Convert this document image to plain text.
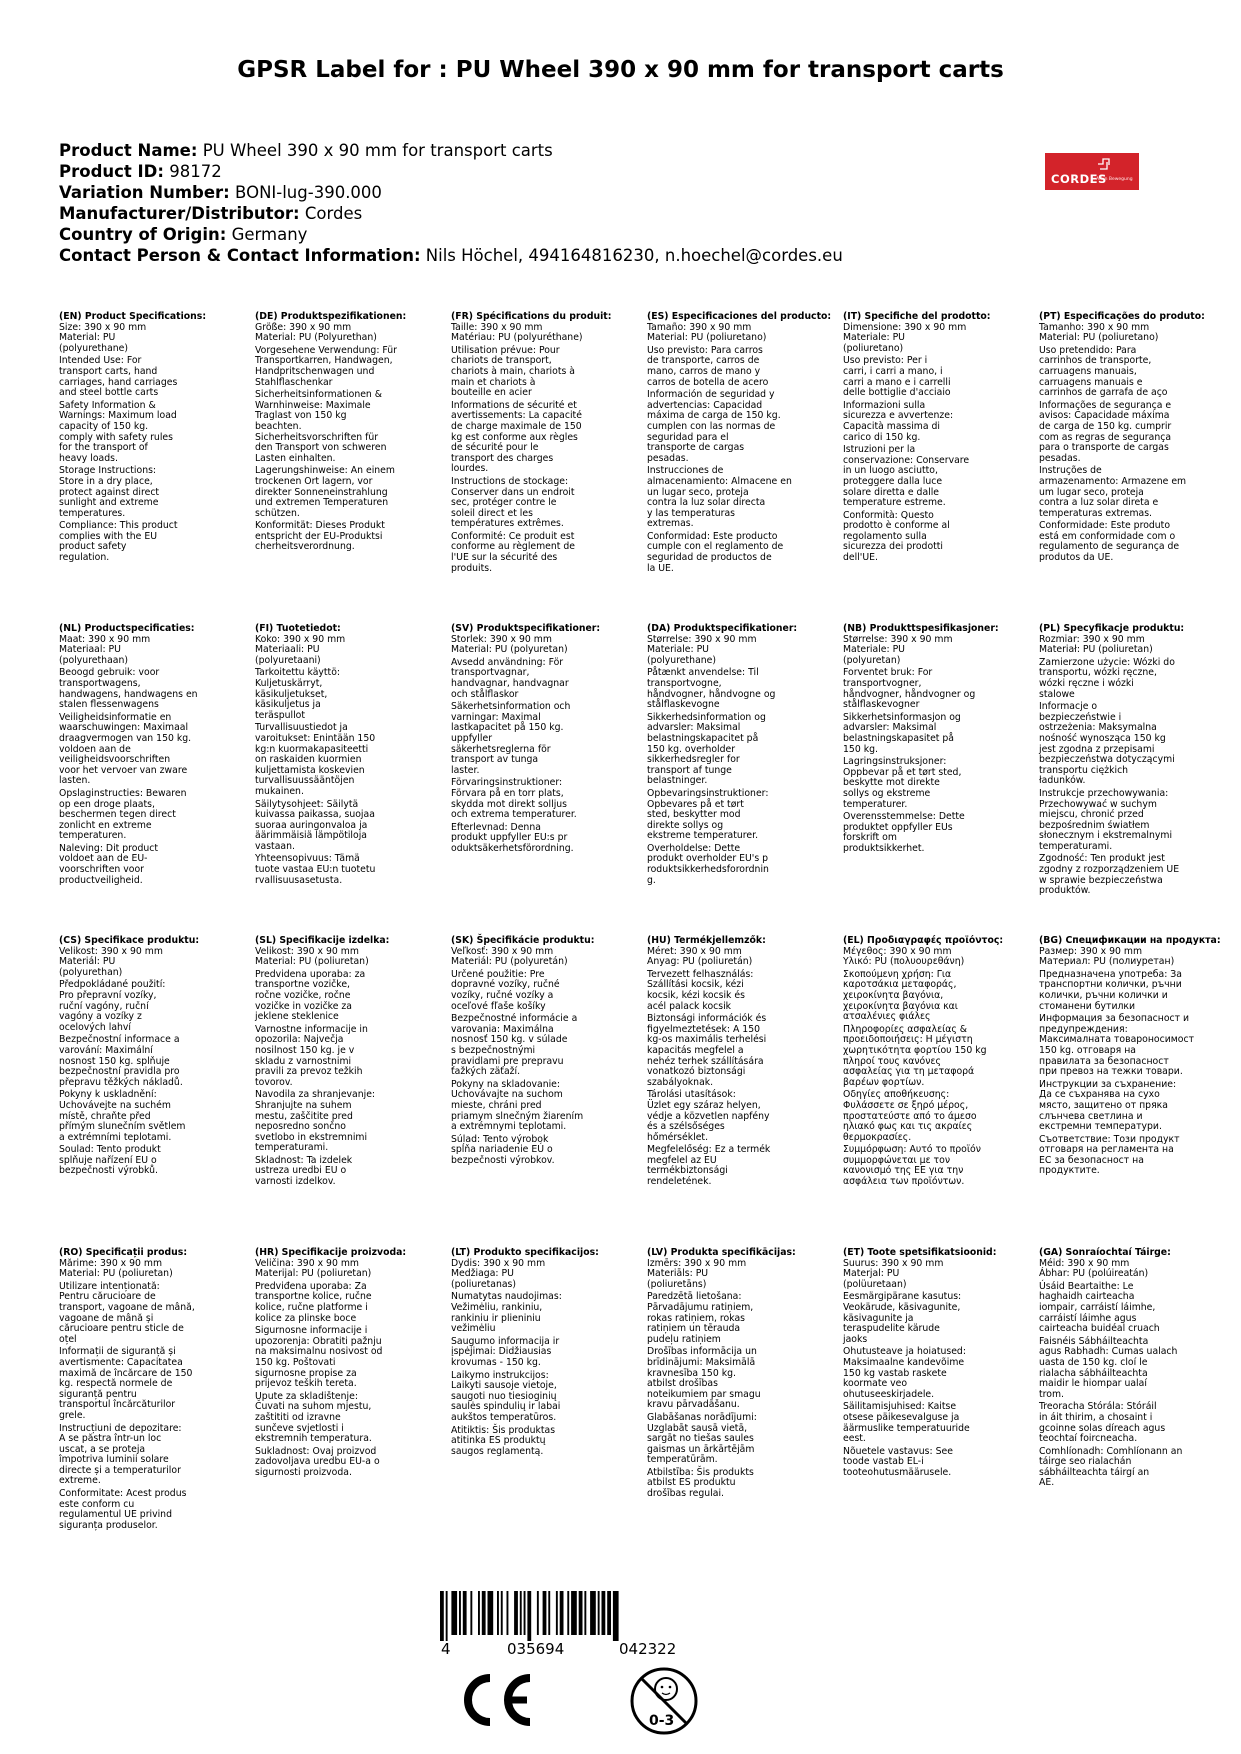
GPSR Label for : PU Wheel 390 x 90 mm for transport carts
Product Name: PU Wheel 390 x 90 mm for transport carts
Product ID: 98172
Variation Number: BONI-lug-390.000
Manufacturer/Distributor: Cordes
Country of Origin: Germany
Contact Person & Contact Information: Nils Höchel, 494164816230, n.hoechel@cordes.eu
CORDES
Alf in Bewegung
(EN) Product Specifications:
Size: 390 x 90 mm
Material: PU
(polyurethane)
Intended Use: For
transport carts, hand
carriages, hand carriages
and steel bottle carts
Safety Information &
Warnings: Maximum load
capacity of 150 kg.
comply with safety rules
for the transport of
heavy loads.
Storage Instructions:
Store in a dry place,
protect against direct
sunlight and extreme
temperatures.
Compliance: This product
complies with the EU
product safety
regulation.
(DE) Produktspezifikationen:
Größe: 390 x 90 mm
Material: PU (Polyurethan)
Vorgesehene Verwendung: Für
Transportkarren, Handwagen,
Handpritschenwagen und
Stahlflaschenkar
Sicherheitsinformationen &
Warnhinweise: Maximale
Traglast von 150 kg
beachten.
Sicherheitsvorschriften für
den Transport von schweren
Lasten einhalten.
Lagerungshinweise: An einem
trockenen Ort lagern, vor
direkter Sonneneinstrahlung
und extremen Temperaturen
schützen.
Konformität: Dieses Produkt
entspricht der EU-Produktsi
cherheitsverordnung.
(FR) Spécifications du produit:
Taille: 390 x 90 mm
Matériau: PU (polyuréthane)
Utilisation prévue: Pour
chariots de transport,
chariots à main, chariots à
main et chariots à
bouteille en acier
Informations de sécurité et
avertissements: La capacité
de charge maximale de 150
kg est conforme aux règles
de sécurité pour le
transport des charges
lourdes.
Instructions de stockage:
Conserver dans un endroit
sec, protéger contre le
soleil direct et les
températures extrêmes.
Conformité: Ce produit est
conforme au règlement de
l'UE sur la sécurité des
produits.
(ES) Especificaciones del producto:
Tamaño: 390 x 90 mm
Material: PU (poliuretano)
Uso previsto: Para carros
de transporte, carros de
mano, carros de mano y
carros de botella de acero
Información de seguridad y
advertencias: Capacidad
máxima de carga de 150 kg.
cumplen con las normas de
seguridad para el
transporte de cargas
pesadas.
Instrucciones de
almacenamiento: Almacene en
un lugar seco, proteja
contra la luz solar directa
y las temperaturas
extremas.
Conformidad: Este producto
cumple con el reglamento de
seguridad de productos de
la UE.
(IT) Specifiche del prodotto:
Dimensione: 390 x 90 mm
Materiale: PU
(poliuretano)
Uso previsto: Per i
carri, i carri a mano, i
carri a mano e i carrelli
delle bottiglie d'acciaio
Informazioni sulla
sicurezza e avvertenze:
Capacità massima di
carico di 150 kg.
Istruzioni per la
conservazione: Conservare
in un luogo asciutto,
proteggere dalla luce
solare diretta e dalle
temperature estreme.
Conformità: Questo
prodotto è conforme al
regolamento sulla
sicurezza dei prodotti
dell'UE.
(PT) Especificações do produto:
Tamanho: 390 x 90 mm
Material: PU (poliuretano)
Uso pretendido: Para
carrinhos de transporte,
carruagens manuais,
carruagens manuais e
carrinhos de garrafa de aço
Informações de segurança e
avisos: Capacidade máxima
de carga de 150 kg. cumprir
com as regras de segurança
para o transporte de cargas
pesadas.
Instruções de
armazenamento: Armazene em
um lugar seco, proteja
contra a luz solar direta e
temperaturas extremas.
Conformidade: Este produto
está em conformidade com o
regulamento de segurança de
produtos da UE.
(NL) Productspecificaties:
Maat: 390 x 90 mm
Materiaal: PU
(polyurethaan)
Beoogd gebruik: voor
transportwagens,
handwagens, handwagens en
stalen flessenwagens
Veiligheidsinformatie en
waarschuwingen: Maximaal
draagvermogen van 150 kg.
voldoen aan de
veiligheidsvoorschriften
voor het vervoer van zware
lasten.
Opslaginstructies: Bewaren
op een droge plaats,
beschermen tegen direct
zonlicht en extreme
temperaturen.
Naleving: Dit product
voldoet aan de EU-
voorschriften voor
productveiligheid.
(FI) Tuotetiedot:
Koko: 390 x 90 mm
Materiaali: PU
(polyuretaani)
Tarkoitettu käyttö:
Kuljetuskärryt,
käsikuljetukset,
käsikuljetus ja
teräspullot
Turvallisuustiedot ja
varoitukset: Enintään 150
kg:n kuormakapasiteetti
on raskaiden kuormien
kuljettamista koskevien
turvallisuussääntöjen
mukainen.
Säilytysohjeet: Säilytä
kuivassa paikassa, suojaa
suoraa auringonvaloa ja
äärimmäisiä lämpötiloja
vastaan.
Yhteensopivuus: Tämä
tuote vastaa EU:n tuotetu
rvallisuusasetusta.
(SV) Produktspecifikationer:
Storlek: 390 x 90 mm
Material: PU (polyuretan)
Avsedd användning: För
transportvagnar,
handvagnar, handvagnar
och stålflaskor
Säkerhetsinformation och
varningar: Maximal
lastkapacitet på 150 kg.
uppfyller
säkerhetsreglerna för
transport av tunga
laster.
Förvaringsinstruktioner:
Förvara på en torr plats,
skydda mot direkt solljus
och extrema temperaturer.
Efterlevnad: Denna
produkt uppfyller EU:s pr
oduktsäkerhetsförordning.
(DA) Produktspecifikationer:
Størrelse: 390 x 90 mm
Materiale: PU
(polyurethane)
Påtænkt anvendelse: Til
transportvogne,
håndvogner, håndvogne og
stålflaskevogne
Sikkerhedsinformation og
advarsler: Maksimal
belastningskapacitet på
150 kg. overholder
sikkerhedsregler for
transport af tunge
belastninger.
Opbevaringsinstruktioner:
Opbevares på et tørt
sted, beskytter mod
direkte sollys og
ekstreme temperaturer.
Overholdelse: Dette
produkt overholder EU's p
roduktsikkerhedsforordnin
g.
(NB) Produkttspesifikasjoner:
Størrelse: 390 x 90 mm
Materiale: PU
(polyuretan)
Forventet bruk: For
transportvogner,
håndvogner, håndvogner og
stålflaskevogner
Sikkerhetsinformasjon og
advarsler: Maksimal
belastningskapasitet på
150 kg.
Lagringsinstruksjoner:
Oppbevar på et tørt sted,
beskytte mot direkte
sollys og ekstreme
temperaturer.
Overensstemmelse: Dette
produktet oppfyller EUs
forskrift om
produktsikkerhet.
(PL) Specyfikacje produktu:
Rozmiar: 390 x 90 mm
Materiał: PU (poliuretan)
Zamierzone użycie: Wózki do
transportu, wózki ręczne,
wózki ręczne i wózki
stalowe
Informacje o
bezpieczeństwie i
ostrzeżenia: Maksymalna
nośność wynosząca 150 kg
jest zgodna z przepisami
bezpieczeństwa dotyczącymi
transportu ciężkich
ładunków.
Instrukcje przechowywania:
Przechowywać w suchym
miejscu, chronić przed
bezpośrednim światłem
słonecznym i ekstremalnymi
temperaturami.
Zgodność: Ten produkt jest
zgodny z rozporządzeniem UE
w sprawie bezpieczeństwa
produktów.
(CS) Specifikace produktu:
Velikost: 390 x 90 mm
Materiál: PU
(polyurethan)
Předpokládané použití:
Pro přepravní vozíky,
ruční vagóny, ruční
vagóny a vozíky z
ocelových lahví
Bezpečnostní informace a
varování: Maximální
nosnost 150 kg. splňuje
bezpečnostní pravidla pro
přepravu těžkých nákladů.
Pokyny k uskladnění:
Uchovávejte na suchém
místě, chraňte před
přímým slunečním světlem
a extrémními teplotami.
Soulad: Tento produkt
splňuje nařízení EU o
bezpečnosti výrobků.
(SL) Specifikacije izdelka:
Velikost: 390 x 90 mm
Material: PU (poliuretan)
Predvidena uporaba: za
transportne vozičke,
ročne vozičke, ročne
vozičke in vozičke za
jeklene steklenice
Varnostne informacije in
opozorila: Največja
nosilnost 150 kg. je v
skladu z varnostnimi
pravili za prevoz težkih
tovorov.
Navodila za shranjevanje:
Shranjujte na suhem
mestu, zaščitite pred
neposredno sončno
svetlobo in ekstremnimi
temperaturami.
Skladnost: Ta izdelek
ustreza uredbi EU o
varnosti izdelkov.
(SK) Špecifikácie produktu:
Veľkosť: 390 x 90 mm
Materiál: PU (polyuretán)
Určené použitie: Pre
dopravné vozíky, ručné
vozíky, ručné vozíky a
oceľové fľaše košíky
Bezpečnostné informácie a
varovania: Maximálna
nosnosť 150 kg. v súlade
s bezpečnostnými
pravidlami pre prepravu
ťažkých zäťaží.
Pokyny na skladovanie:
Uchovávajte na suchom
mieste, chráni pred
priamym slnečným žiarením
a extrémnymi teplotami.
Súlad: Tento výrobok
spĺňa nariadenie EÚ o
bezpečnosti výrobkov.
(HU) Termékjellemzők:
Méret: 390 x 90 mm
Anyag: PU (poliuretán)
Tervezett felhasználás:
Szállítási kocsik, kézi
kocsik, kézi kocsik és
acél palack kocsik
Biztonsági információk és
figyelmeztetések: A 150
kg-os maximális terhelési
kapacitás megfelel a
nehéz terhek szállítására
vonatkozó biztonsági
szabályoknak.
Tárolási utasítások:
Üzlet egy száraz helyen,
védje a közvetlen napfény
és a szélsőséges
hőmérséklet.
Megfelelőség: Ez a termék
megfelel az EU
termékbiztonsági
rendeletének.
(EL) Προδιαγραφές προϊόντος:
Μέγεθος: 390 x 90 mm
Υλικό: PU (πολυουρεθάνη)
Σκοπούμενη χρήση: Για
καροτσάκια μεταφοράς,
χειροκίνητα βαγόνια,
χειροκίνητα βαγόνια και
ατσαλένιες φιάλες
Πληροφορίες ασφαλείας &
προειδοποιήσεις: Η μέγιστη
χωρητικότητα φορτίου 150 kg
πληροί τους κανόνες
ασφαλείας για τη μεταφορά
βαρέων φορτίων.
Οδηγίες αποθήκευσης:
Φυλάσσετε σε ξηρό μέρος,
προστατεύστε από το άμεσο
ηλιακό φως και τις ακραίες
θερμοκρασίες.
Συμμόρφωση: Αυτό το προϊόν
συμμορφώνεται με τον
κανονισμό της ΕΕ για την
ασφάλεια των προϊόντων.
(BG) Спецификации на продукта:
Размер: 390 x 90 mm
Материал: PU (полиуретан)
Предназначена употреба: За
транспортни колички, ръчни
колички, ръчни колички и
стоманени бутилки
Информация за безопасност и
предупреждения:
Максималната товароносимост
150 kg. отговаря на
правилата за безопасност
при превоз на тежки товари.
Инструкции за съхранение:
Да се съхранява на сухо
място, защитено от пряка
слънчева светлина и
екстремни температури.
Съответствие: Този продукт
отговаря на регламента на
ЕС за безопасност на
продуктите.
(RO) Specificații produs:
Mărime: 390 x 90 mm
Material: PU (poliuretan)
Utilizare intenționată:
Pentru cărucioare de
transport, vagoane de mână,
vagoane de mână și
cărucioare pentru sticle de
oțel
Informații de siguranță și
avertismente: Capacitatea
maximă de încărcare de 150
kg. respectă normele de
siguranță pentru
transportul încărcăturilor
grele.
Instrucțiuni de depozitare:
A se păstra într-un loc
uscat, a se proteja
împotriva luminii solare
directe și a temperaturilor
extreme.
Conformitate: Acest produs
este conform cu
regulamentul UE privind
siguranța produselor.
(HR) Specifikacije proizvoda:
Veličina: 390 x 90 mm
Materijal: PU (poliuretan)
Predviđena uporaba: Za
transportne kolice, ručne
kolice, ručne platforme i
kolice za plinske boce
Sigurnosne informacije i
upozorenja: Obratiti pažnju
na maksimalnu nosivost od
150 kg. Poštovati
sigurnosne propise za
prijevoz teških tereta.
Upute za skladištenje:
Čuvati na suhom mjestu,
zaštititi od izravne
sunčeve svjetlosti i
ekstremnih temperatura.
Sukladnost: Ovaj proizvod
zadovoljava uredbu EU-a o
sigurnosti proizvoda.
(LT) Produkto specifikacijos:
Dydis: 390 x 90 mm
Medžiaga: PU
(poliuretanas)
Numatytas naudojimas:
Vežimėliu, rankiniu,
rankiniu ir plieniniu
vežimėliu
Saugumo informacija ir
įspėjimai: Didžiausias
krovumas - 150 kg.
Laikymo instrukcijos:
Laikyti sausoje vietoje,
saugoti nuo tiesioginių
saulės spindulių ir labai
aukštos temperatūros.
Atitiktis: Šis produktas
atitinka ES produktų
saugos reglamentą.
(LV) Produkta specifikācijas:
Izmērs: 390 x 90 mm
Materiāls: PU
(poliuretāns)
Paredzētā lietošana:
Pārvadājumu ratiņiem,
rokas ratiņiem, rokas
ratiņiem un tērauda
pudeļu ratiņiem
Drošības informācija un
brīdinājumi: Maksimālā
kravnesība 150 kg.
atbilst drošības
noteikumiem par smagu
kravu pārvadāšanu.
Glabāšanas norādījumi:
Uzglabāt sausā vietā,
sargāt no tiešas saules
gaismas un ārkārtējām
temperatūrām.
Atbilstība: Šis produkts
atbilst ES produktu
drošības regulai.
(ET) Toote spetsifikatsioonid:
Suurus: 390 x 90 mm
Materjal: PU
(polüuretaan)
Eesmärgipärane kasutus:
Veokärude, käsivagunite,
käsivagunite ja
teraspudelite kärude
jaoks
Ohutusteave ja hoiatused:
Maksimaalne kandevõime
150 kg vastab raskete
koormate veo
ohutuseeskirjadele.
Säilitamisjuhised: Kaitse
otsese päikesevalguse ja
äärmuslike temperatuuride
eest.
Nõuetele vastavus: See
toode vastab EL-i
tooteohutusmäärusele.
(GA) Sonraíochtaí Táirge:
Méid: 390 x 90 mm
Ábhar: PU (polúireatán)
Úsáid Beartaithe: Le
haghaidh cairteacha
iompair, carráistí láimhe,
carráistí láimhe agus
cairteacha buidéal cruach
Faisnéis Sábháilteachta
agus Rabhadh: Cumas ualach
uasta de 150 kg. cloí le
rialacha sábháilteachta
maidir le hiompar ualaí
trom.
Treoracha Stórála: Stóráil
in áit thirim, a chosaint i
gcoinne solas díreach agus
teochtaí foircneacha.
Comhlíonadh: Comhlíonann an
táirge seo rialachán
sábháilteachta táirgí an
AE.
4	035694	042322
0-3
